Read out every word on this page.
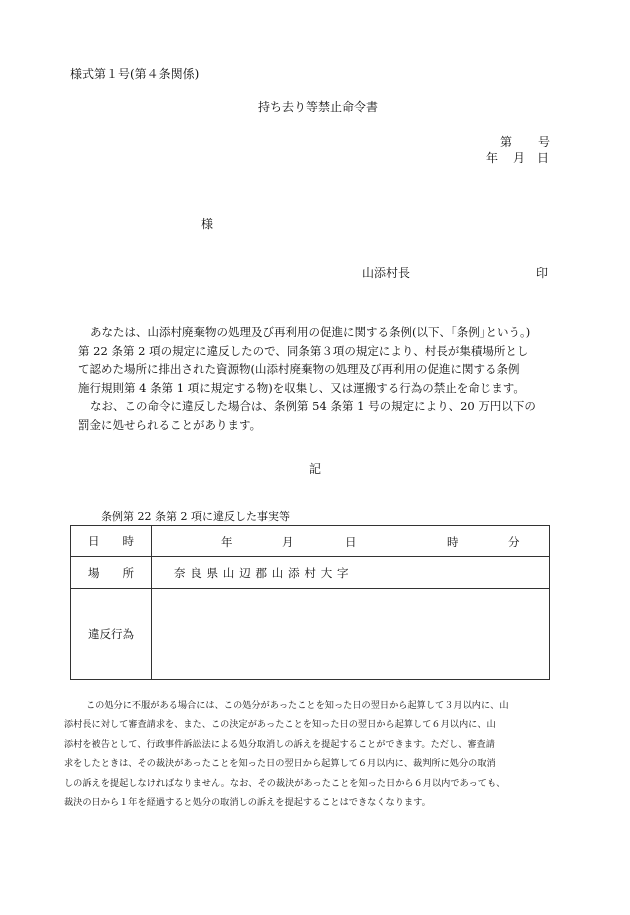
様式第１号(第４条関係)
持ち去り等禁止命令書
第 号
年 月 日
様
山添村長	印
あなたは、山添村廃棄物の処理及び再利用の促進に関する条例(以下、｢条例｣という。)
第 22 条第 2 項の規定に違反したので、同条第３項の規定により、村長が集積場所とし
て認めた場所に排出された資源物(山添村廃棄物の処理及び再利用の促進に関する条例
施行規則第 4 条第 1 項に規定する物)を収集し、又は運搬する行為の禁止を命じます。
なお、この命令に違反した場合は、条例第 54 条第 1 号の規定により、20 万円以下の
罰金に処せられることがあります。
記
条例第 22 条第 2 項に違反した事実等
日　　時	年 月 日 時 分

場　　所	奈良県山辺郡山添村大字
違反行為	
この処分に不服がある場合には、この処分があったことを知った日の翌日から起算して３月以内に、山
添村長に対して審査請求を、また、この決定があったことを知った日の翌日から起算して６月以内に、山
添村を被告として、行政事件訴訟法による処分取消しの訴えを提起することができます。ただし、審査請
求をしたときは、その裁決があったことを知った日の翌日から起算して６月以内に、裁判所に処分の取消
しの訴えを提起しなければなりません。なお、その裁決があったことを知った日から６月以内であっても、
裁決の日から１年を経過すると処分の取消しの訴えを提起することはできなくなります。
